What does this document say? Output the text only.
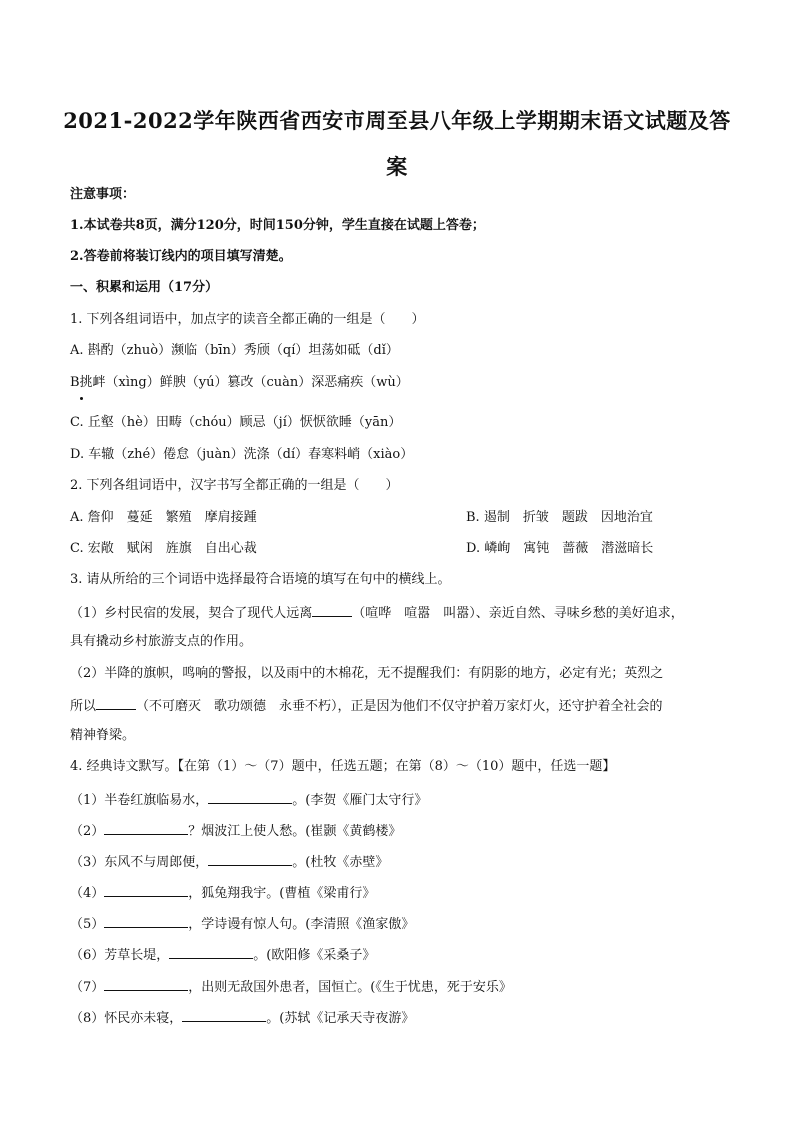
2021-2022学年陕西省西安市周至县八年级上学期期末语文试题及答案
注意事项：
1.本试卷共8页，满分120分，时间150分钟，学生直接在试题上答卷；
2.答卷前将装订线内的项目填写清楚。
一、积累和运用（17分）
1. 下列各组词语中，加点字的读音全都正确的一组是（　　）
A. 斟酌（zhuò）濒临（bīn）秀颀（qí）坦荡如砥（dǐ）
B挑衅（xìng）鲜腴（yú）篡改（cuàn）深恶痛疾（wù）
C. 丘壑（hè）田畴（chóu）顾忌（jí）恹恹欲睡（yān）
D. 车辙（zhé）倦怠（juàn）洗涤（dí）春寒料峭（xiào）
2. 下列各组词语中，汉字书写全都正确的一组是（　　）
A. 詹仰　蔓延　繁殖　摩肩接踵	B. 遏制　折皱　题跋　因地治宜
C. 宏敞　赋闲　旌旗　自出心裁	D. 嶙峋　寓钝　蔷薇　潜滋暗长
3. 请从所给的三个词语中选择最符合语境的填写在句中的横线上。
（1）乡村民宿的发展，契合了现代人远离	（喧哗　喧嚣　叫嚣）、亲近自然、寻味乡愁的美好追求，
具有撬动乡村旅游支点的作用。
（2）半降的旗帜，鸣响的警报，以及雨中的木棉花，无不提醒我们：有阴影的地方，必定有光；英烈之
所以	（不可磨灭　歌功颂德　永垂不朽），正是因为他们不仅守护着万家灯火，还守护着全社会的
精神脊梁。
4. 经典诗文默写。【在第（1）～（7）题中，任选五题；在第（8）～（10）题中，任选一题】
（1）半卷红旗临易水，	。(李贺《雁门太守行》
（2）	？烟波江上使人愁。(崔颢《黄鹤楼》
（3）东风不与周郎便，	。(杜牧《赤壁》
（4）	，狐兔翔我宇。(曹植《梁甫行》
（5）	，学诗谩有惊人句。(李清照《渔家傲》
（6）芳草长堤，	。(欧阳修《采桑子》
（7）	，出则无敌国外患者，国恒亡。(《生于忧患，死于安乐》
（8）怀民亦未寝，	。(苏轼《记承天寺夜游》
